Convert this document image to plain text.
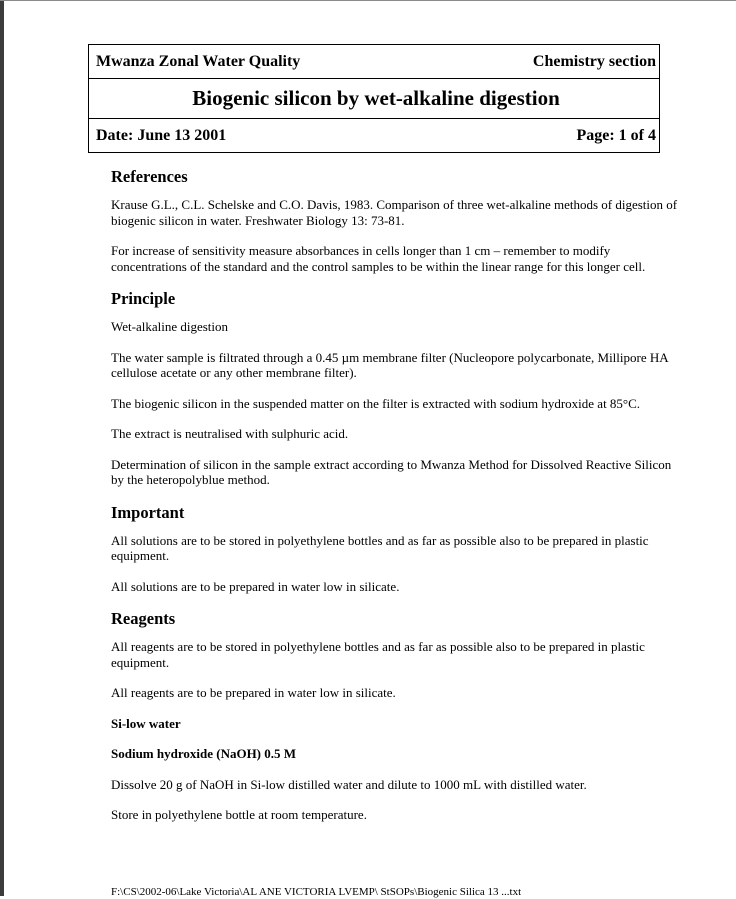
Mwanza Zonal Water Quality	Chemistry section
Biogenic silicon by wet-alkaline digestion
Date: June 13 2001	Page: 1 of 4
References
Krause G.L., C.L. Schelske and C.O. Davis, 1983. Comparison of three wet-alkaline methods of digestion of biogenic silicon in water. Freshwater Biology 13: 73-81.
For increase of sensitivity measure absorbances in cells longer than 1 cm – remember to modify concentrations of the standard and the control samples to be within the linear range for this longer cell.
Principle
Wet-alkaline digestion
The water sample is filtrated through a 0.45 µm membrane filter (Nucleopore polycarbonate, Millipore HA cellulose acetate or any other membrane filter).
The biogenic silicon in the suspended matter on the filter is extracted with sodium hydroxide at 85°C.
The extract is neutralised with sulphuric acid.
Determination of silicon in the sample extract according to Mwanza Method for Dissolved Reactive Silicon by the heteropolyblue method.
Important
All solutions are to be stored in polyethylene bottles and as far as possible also to be prepared in plastic equipment.
All solutions are to be prepared in water low in silicate.
Reagents
All reagents are to be stored in polyethylene bottles and as far as possible also to be prepared in plastic equipment.
All reagents are to be prepared in water low in silicate.
Si-low water
Sodium hydroxide (NaOH) 0.5 M
Dissolve 20 g of NaOH in Si-low distilled water and dilute to 1000 mL with distilled water.
Store in polyethylene bottle at room temperature.
F:\CS\2002-06\Lake Victoria\AL ANE VICTORIA LVEMP\ StSOPs\Biogenic Silica 13 ...txt
